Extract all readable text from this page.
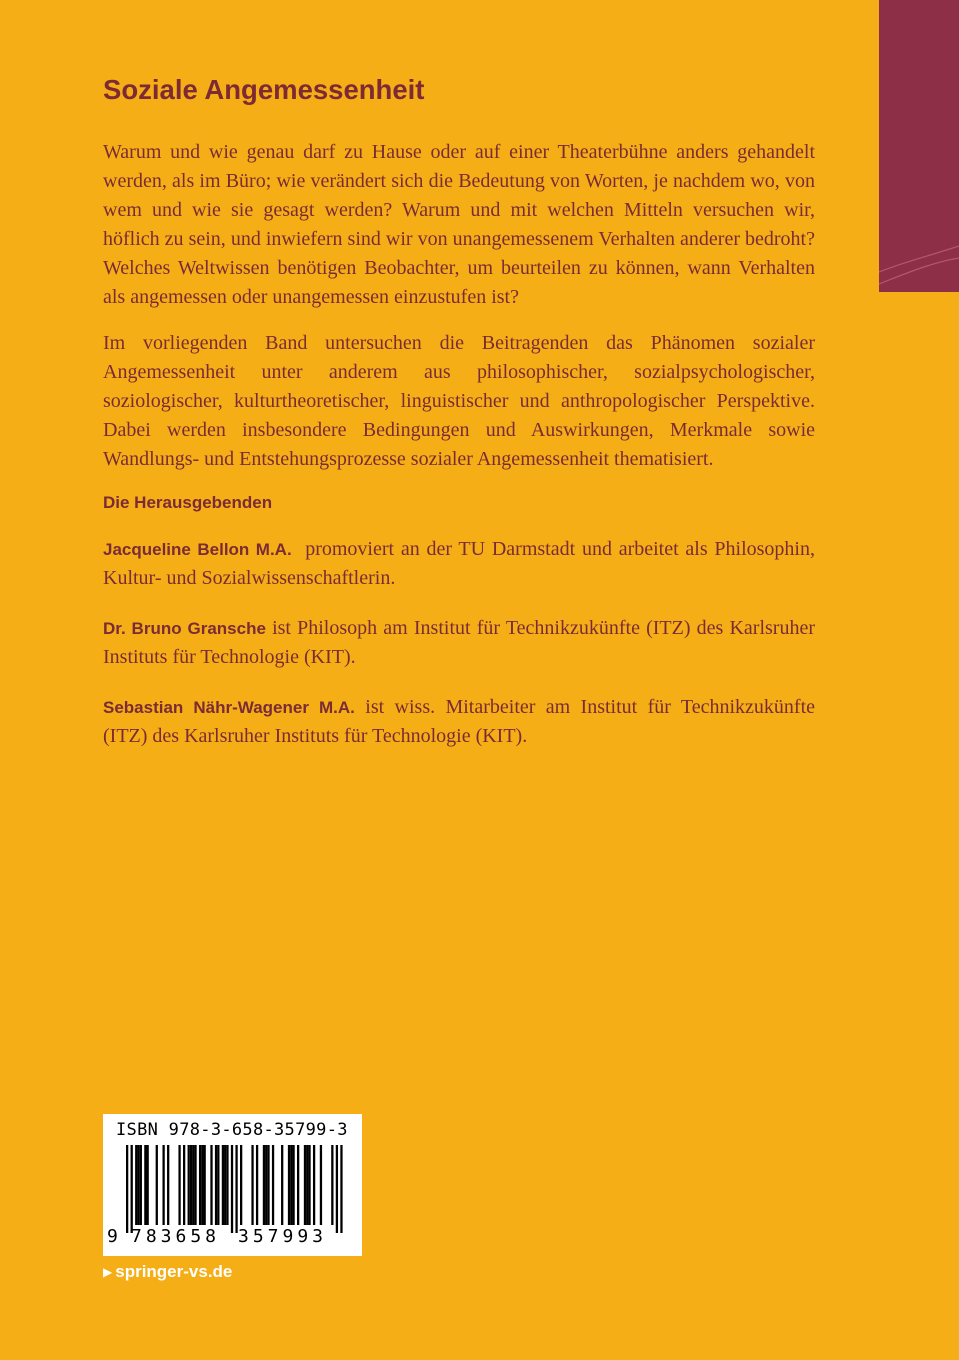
Soziale Angemessenheit

Warum und wie genau darf zu Hause oder auf einer Theaterbühne anders gehandelt werden, als im Büro; wie verändert sich die Bedeutung von Worten, je nachdem wo, von wem und wie sie gesagt werden? Warum und mit welchen Mitteln versuchen wir, höflich zu sein, und inwiefern sind wir von unangemessenem Verhalten anderer bedroht? Welches Weltwissen benötigen Beobachter, um beurteilen zu können, wann Verhalten als angemessen oder unangemessen einzustufen ist?

Im vorliegenden Band untersuchen die Beitragenden das Phänomen sozialer Angemessenheit unter anderem aus philosophischer, sozialpsychologischer, soziologischer, kulturtheoretischer, linguistischer und anthropologischer Perspektive. Dabei werden insbesondere Bedingungen und Auswirkungen, Merkmale sowie Wandlungs- und Entstehungsprozesse sozialer Angemessenheit thematisiert.

Die Herausgebenden

Jacqueline Bellon M.A. promoviert an der TU Darmstadt und arbeitet als Philosophin, Kultur- und Sozialwissenschaftlerin.

Dr. Bruno Gransche ist Philosoph am Institut für Technikzukünfte (ITZ) des Karlsruher Instituts für Technologie (KIT).

Sebastian Nähr-Wagener M.A. ist wiss. Mitarbeiter am Institut für Technikzukünfte (ITZ) des Karlsruher Instituts für Technologie (KIT).

ISBN 978-3-658-35799-3
9 783658 357993
▶ springer-vs.de
